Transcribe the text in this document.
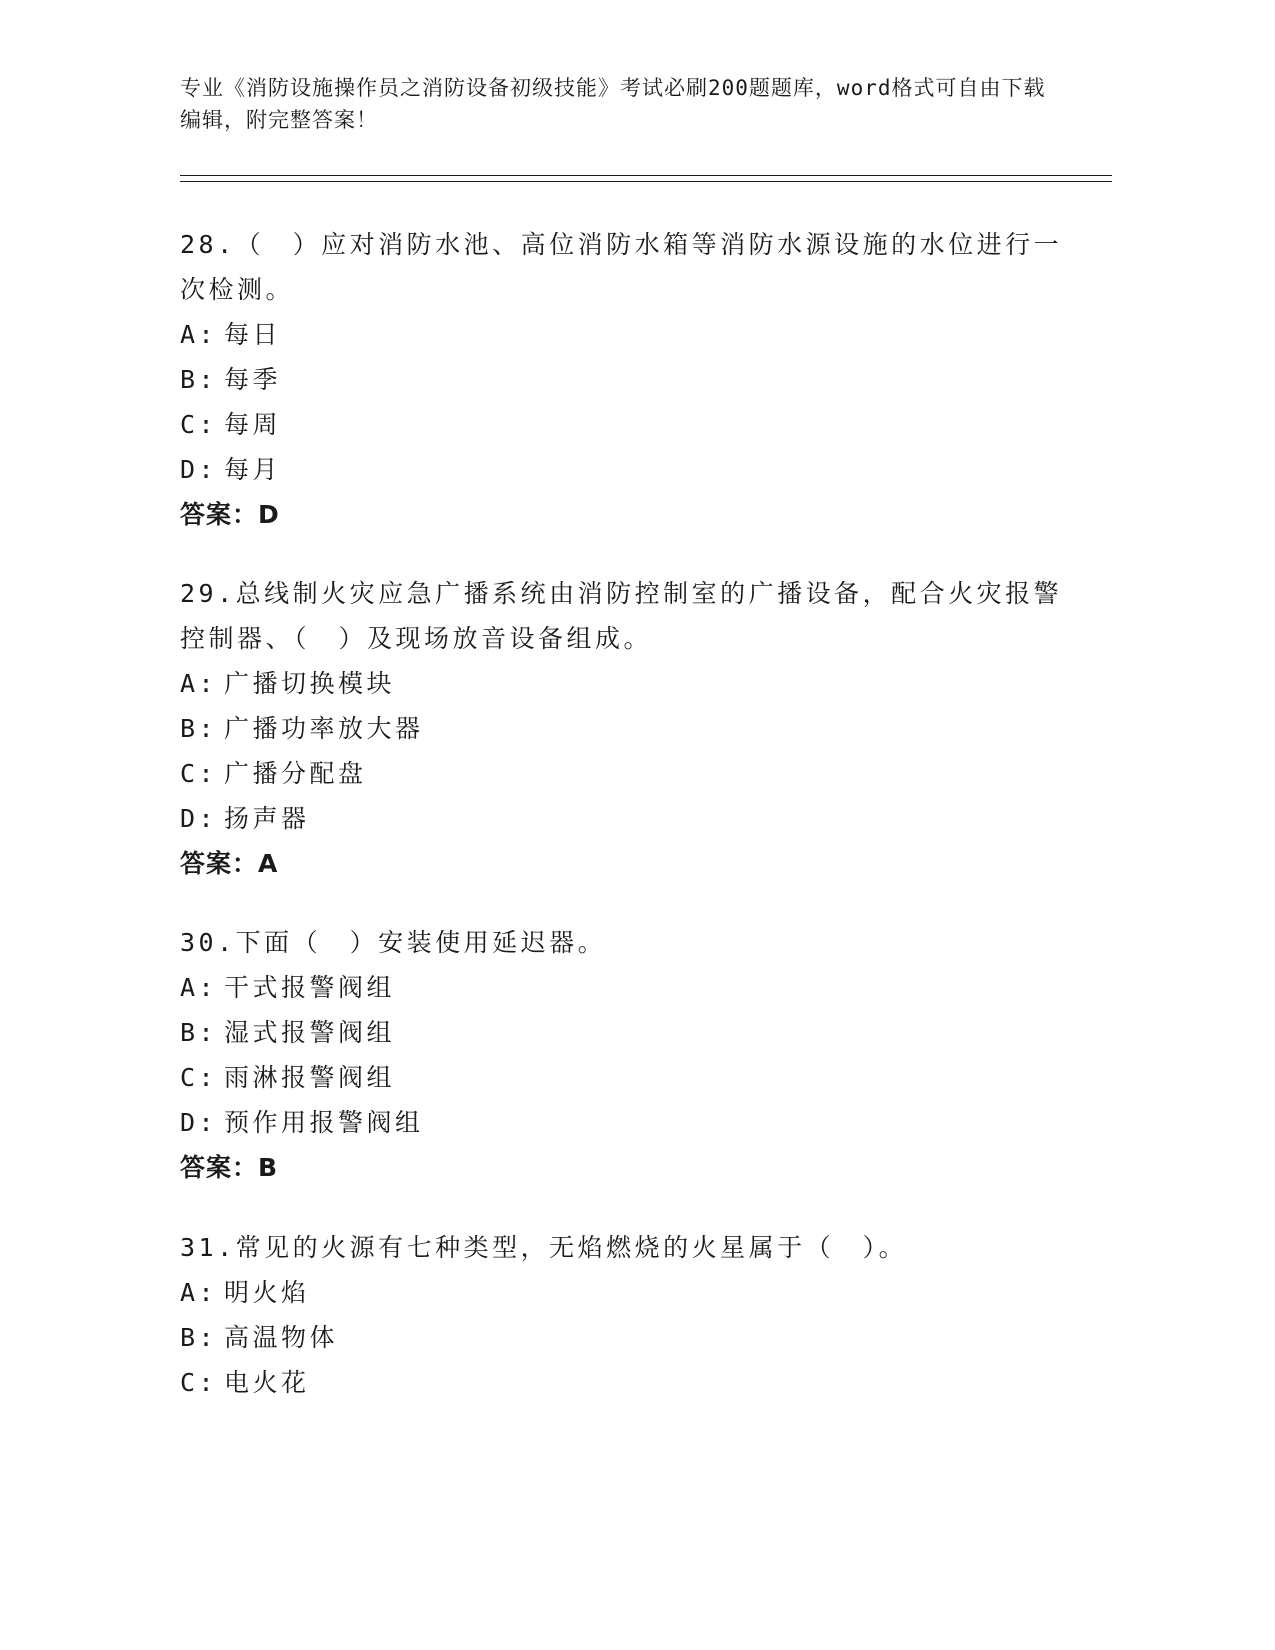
专业《消防设施操作员之消防设备初级技能》考试必刷200题题库，word格式可自由下载编辑，附完整答案！

28.（　）应对消防水池、高位消防水箱等消防水源设施的水位进行一次检测。

A: 每日
B: 每季
C: 每周
D: 每月
答案：D

29.总线制火灾应急广播系统由消防控制室的广播设备，配合火灾报警控制器、（　）及现场放音设备组成。

A: 广播切换模块
B: 广播功率放大器
C: 广播分配盘
D: 扬声器
答案：A

30.下面（　）安装使用延迟器。

A: 干式报警阀组
B: 湿式报警阀组
C: 雨淋报警阀组
D: 预作用报警阀组
答案：B

31.常见的火源有七种类型，无焰燃烧的火星属于（　）。

A: 明火焰
B: 高温物体
C: 电火花
